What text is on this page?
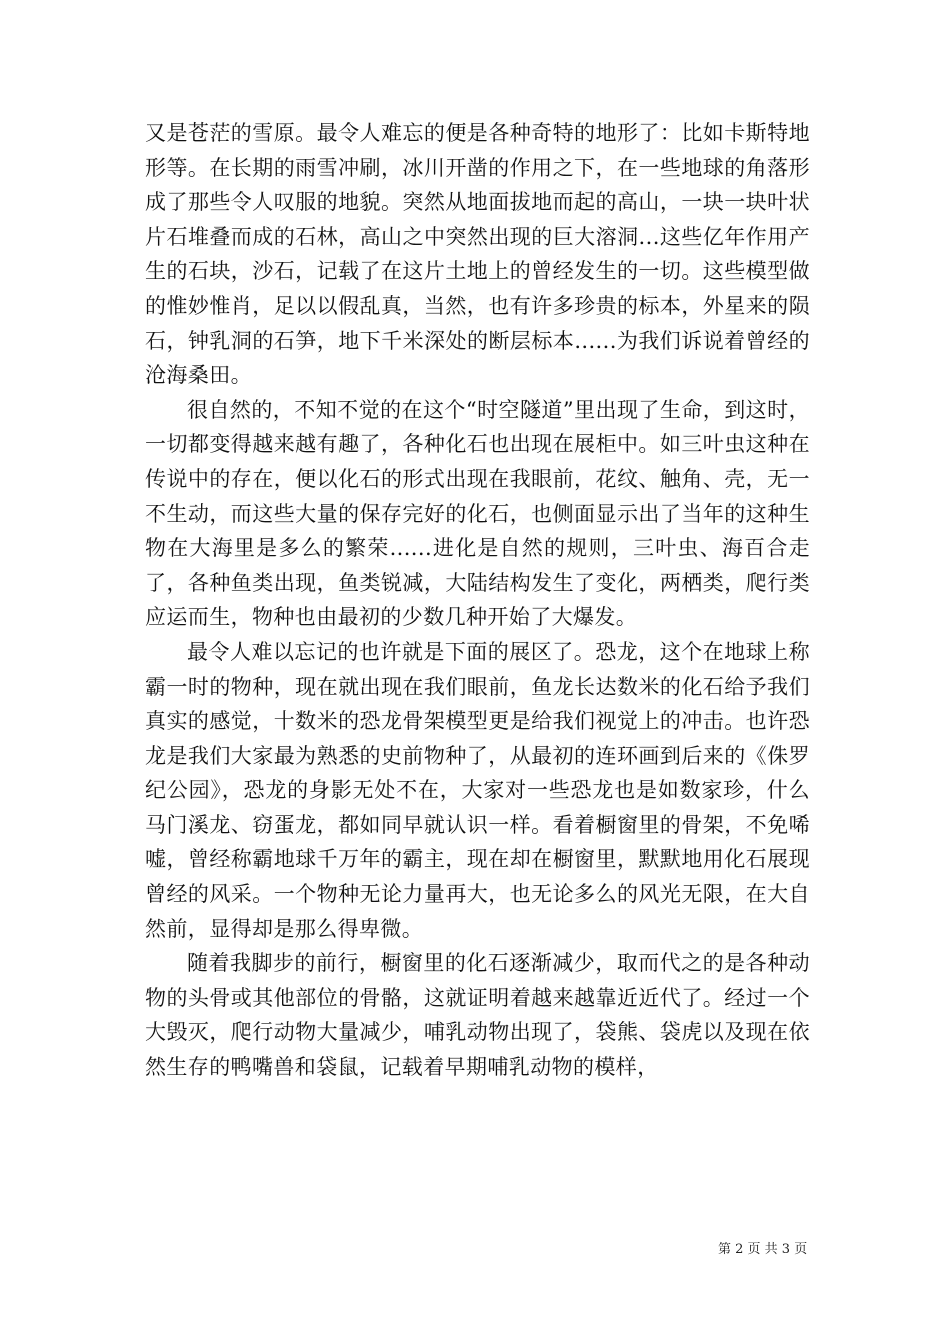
又是苍茫的雪原。最令人难忘的便是各种奇特的地形了：比如卡斯特地形等。在长期的雨雪冲刷，冰川开凿的作用之下，在一些地球的角落形成了那些令人叹服的地貌。突然从地面拔地而起的高山，一块一块叶状片石堆叠而成的石林，高山之中突然出现的巨大溶洞...这些亿年作用产生的石块，沙石，记载了在这片土地上的曾经发生的一切。这些模型做的惟妙惟肖，足以以假乱真，当然，也有许多珍贵的标本，外星来的陨石，钟乳洞的石笋，地下千米深处的断层标本......为我们诉说着曾经的沧海桑田。

很自然的，不知不觉的在这个“时空隧道”里出现了生命，到这时，一切都变得越来越有趣了，各种化石也出现在展柜中。如三叶虫这种在传说中的存在，便以化石的形式出现在我眼前，花纹、触角、壳，无一不生动，而这些大量的保存完好的化石，也侧面显示出了当年的这种生物在大海里是多么的繁荣......进化是自然的规则，三叶虫、海百合走了，各种鱼类出现，鱼类锐减，大陆结构发生了变化，两栖类，爬行类应运而生，物种也由最初的少数几种开始了大爆发。

最令人难以忘记的也许就是下面的展区了。恐龙，这个在地球上称霸一时的物种，现在就出现在我们眼前，鱼龙长达数米的化石给予我们真实的感觉，十数米的恐龙骨架模型更是给我们视觉上的冲击。也许恐龙是我们大家最为熟悉的史前物种了，从最初的连环画到后来的《侏罗纪公园》，恐龙的身影无处不在，大家对一些恐龙也是如数家珍，什么马门溪龙、窃蛋龙，都如同早就认识一样。看着橱窗里的骨架，不免唏嘘，曾经称霸地球千万年的霸主，现在却在橱窗里，默默地用化石展现曾经的风采。一个物种无论力量再大，也无论多么的风光无限，在大自然前，显得却是那么得卑微。

随着我脚步的前行，橱窗里的化石逐渐减少，取而代之的是各种动物的头骨或其他部位的骨骼，这就证明着越来越靠近近代了。经过一个大毁灭，爬行动物大量减少，哺乳动物出现了，袋熊、袋虎以及现在依然生存的鸭嘴兽和袋鼠，记载着早期哺乳动物的模样，

第 2 页 共 3 页
